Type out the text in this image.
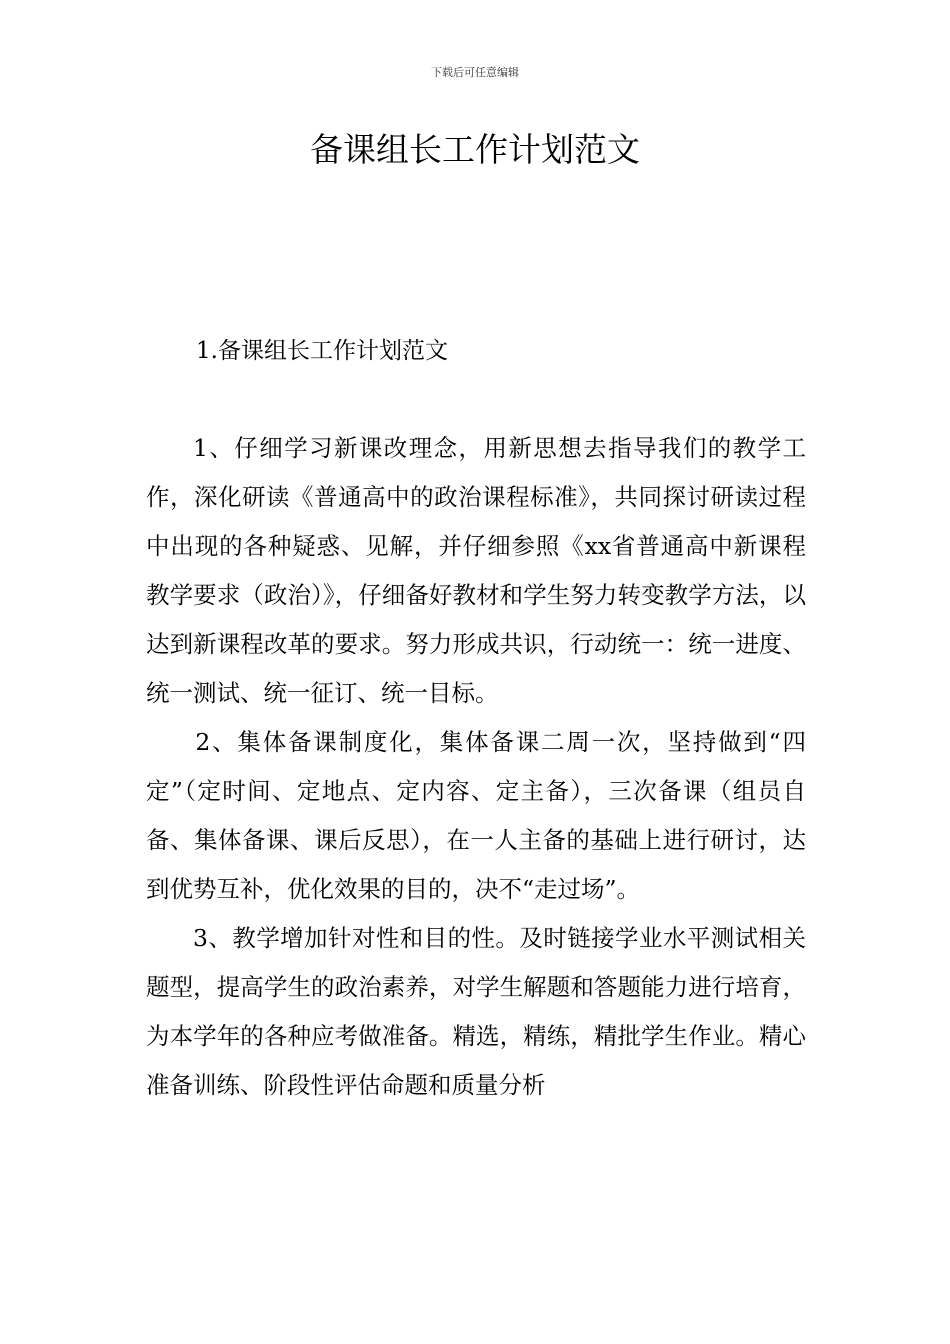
下载后可任意编辑
备课组长工作计划范文
1.备课组长工作计划范文

1、仔细学习新课改理念，用新思想去指导我们的教学工作，深化研读《普通高中的政治课程标准》，共同探讨研读过程中出现的各种疑惑、见解，并仔细参照《xx省普通高中新课程教学要求（政治）》，仔细备好教材和学生努力转变教学方法，以达到新课程改革的要求。努力形成共识，行动统一：统一进度、统一测试、统一征订、统一目标。

2、集体备课制度化，集体备课二周一次，坚持做到“四定”（定时间、定地点、定内容、定主备），三次备课（组员自备、集体备课、课后反思），在一人主备的基础上进行研讨，达到优势互补，优化效果的目的，决不“走过场”。

3、教学增加针对性和目的性。及时链接学业水平测试相关题型，提高学生的政治素养，对学生解题和答题能力进行培育，为本学年的各种应考做准备。精选，精练，精批学生作业。精心准备训练、阶段性评估命题和质量分析
